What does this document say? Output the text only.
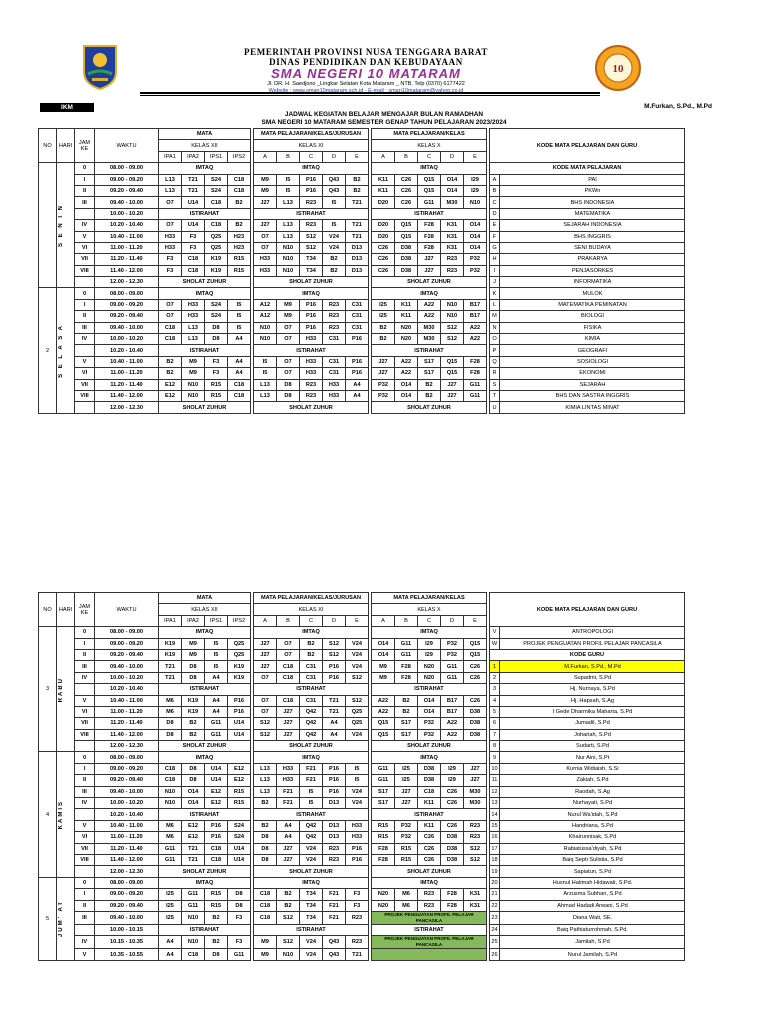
PEMERINTAH PROVINSI NUSA TENGGARA BARAT
DINAS PENDIDIKAN DAN KEBUDAYAAN
SMA NEGERI 10 MATARAM
Jl. DR. H. Saedjono _Lingkar Selatan Kota Mataram _ NTB. Telp (0370) 6177422
Website : www.sman10mataram.sch.id - E-mail : sman10mataram@yahoo.co.id
10
IKM	M.Furkan, S.Pd., M.Pd
JADWAL KEGIATAN BELAJAR MENGAJAR BULAN RAMADHAN
SMA NEGERI 10 MATARAM SEMESTER GENAP TAHUN PELAJARAN 2023/2024
NO	HARI	JAM KE	WAKTU	MATA					MATA PELAJARAN/KELAS/JURUSAN						MATA PELAJARAN/KELAS						KODE MATA PELAJARAN DAN GURU	
				KELAS XII					KELAS XI						KELAS X							
				IPA1	IPA2	IPS1	IPS2		A	B	C	D	E		A	B	C	D	E			

	S E N I N	0	08.00 - 09.00	IMTAQ					IMTAQ						IMTAQ						KODE MATA PELAJARAN	
		I	09.00 - 09.20	L13	T21	S24	C18		M9	I5	P16	Q43	B2		K11	C26	Q15	O14	I29		A	PAI
		II	09.20 - 09.40	L13	T21	S24	C18		M9	I5	P16	Q43	B2		K11	C26	Q15	O14	I29		B	PKWn
		III	09.40 - 10.00	O7	U14	C18	B2		J27	L13	R23	I5	T21		D20	C26	G11	M30	N10		C	BHS INDONESIA
			10.00 - 10.20	ISTIRAHAT					ISTIRAHAT						ISTIRAHAT						D	MATEMATIKA
		IV	10.20 - 10.40	O7	U14	C18	B2		J27	L13	R23	I5	T21		D20	Q15	F28	K31	O14		E	SEJARAH INDONESIA
		V	10.40 - 11.00	H33	F3	Q25	H23		O7	L13	S12	V24	T21		D20	Q15	F28	K31	O14		F	BHS INGGRIS
		VI	11.00 - 11.20	H33	F3	Q25	H23		O7	N10	S12	V24	D13		C26	D38	F28	K31	O14		G	SENI BUDAYA
		VII	11.20 - 11.40	F3	C18	K19	R15		H33	N10	T34	B2	D13		C26	D38	J27	R23	P32		H	PRAKARYA
		VIII	11.40 - 12.00	F3	C18	K19	R15		H33	N10	T34	B2	D13		C26	D38	J27	R23	P32		I	PENJASORKES
			12.00 - 12.30	SHOLAT ZUHUR					SHOLAT ZUHUR						SHOLAT ZUHUR						J	INFORMATIKA
2	S E L A S A	0	08.00 - 09.00	IMTAQ					IMTAQ						IMTAQ						K	MULOK
		I	09.00 - 09.20	O7	H33	S24	I5		A12	M9	P16	R23	C31		I25	K11	A22	N10	B17		L	MATEMATIKA PEMINATAN
		II	09.20 - 09.40	O7	H33	S24	I5		A12	M9	P16	R23	C31		I25	K11	A22	N10	B17		M	BIOLOGI
		III	09.40 - 10.00	C18	L13	D8	I5		N10	O7	P16	R23	C31		B2	N20	M30	S12	A22		N	FISIKA
		IV	10.00 - 10.20	C18	L13	D8	A4		N10	O7	H33	C31	P16		B2	N20	M30	S12	A22		O	KIMIA
			10.20 - 10.40	ISTIRAHAT					ISTIRAHAT						ISTIRAHAT						P	GEOGRAFI
		V	10.40 - 11.00	B2	M9	F3	A4		I5	O7	H33	C31	P16		J27	A22	S17	Q15	F28		Q	SOSIOLOGI
		VI	11.00 - 11.20	B2	M9	F3	A4		I5	O7	H33	C31	P16		J27	A22	S17	Q15	F28		R	EKONOMI
		VII	11.20 - 11.40	E12	N10	R15	C18		L13	D8	R23	H33	A4		P32	O14	B2	J27	G11		S	SEJARAH
		VIII	11.40 - 12.00	E12	N10	R15	C18		L13	D8	R23	H33	A4		P32	O14	B2	J27	G11		T	BHS DAN SASTRA INGGRIS
			12.00 - 12.30	SHOLAT ZUHUR					SHOLAT ZUHUR						SHOLAT ZUHUR						U	KIMIA LINTAS MINAT
NO	HARI	JAM KE	WAKTU	MATA					MATA PELAJARAN/KELAS/JURUSAN						MATA PELAJARAN/KELAS						KODE MATA PELAJARAN DAN GURU	
				KELAS XII					KELAS XI						KELAS X							
				IPA1	IPA2	IPS1	IPS2		A	B	C	D	E		A	B	C	D	E			
3	RABU	0	08.00 - 09.00	IMTAQ					IMTAQ						IMTAQ						V	ANTROPOLOGI
		I	09.00 - 09.20	K19	M9	I5	Q25		J27	O7	B2	S12	V24		O14	G11	I29	P32	Q15		W	PROJEK PENGUATAN PROFIL PELAJAR PANCASILA
		II	09.20 - 09.40	K19	M9	I5	Q25		J27	O7	B2	S12	V24		O14	G11	I29	P32	Q15		KODE GURU	
		III	09.40 - 10.00	T21	D8	I5	K19		J27	C18	C31	P16	V24		M9	F28	N20	G11	C26		1	M.Furkan, S.Pd., M.Pd
		IV	10.00 - 10.20	T21	D8	A4	K19		O7	C18	C31	P16	S12		M9	F28	N20	G11	C26		2	Supadmi, S.Pd
			10.20 - 10.40	ISTIRAHAT					ISTIRAHAT						ISTIRAHAT						3	Hj. Nurnaya, S.Pd
		V	10.40 - 11.00	M6	K19	A4	P16		O7	C18	C31	T21	S12		A22	B2	O14	B17	C26		4	Hj. Hapsah, S.Ag
		VI	11.00 - 11.20	M6	K19	A4	P16		O7	J27	Q42	T21	Q25		A22	B2	O14	B17	D38		5	I Gede Dharmika Maharta, S.Pd
		VII	11.20 - 11.40	D8	B2	G11	U14		S12	J27	Q42	A4	Q25		Q15	S17	P32	A22	D38		6	Jumadil, S.Pd
		VIII	11.40 - 12.00	D8	B2	G11	U14		S12	J27	Q42	A4	V24		Q15	S17	P32	A22	D38		7	Johariah, S.Pd
			12.00 - 12.30	SHOLAT ZUHUR					SHOLAT ZUHUR						SHOLAT ZUHUR						8	Sudarti, S.Pd
4	KAMIS	0	08.00 - 09.00	IMTAQ					IMTAQ						IMTAQ						9	Nur Aini, S.Pt
		I	09.00 - 09.20	C18	D8	U14	E12		L13	H33	F21	P16	I5		G11	I25	D38	I29	J27		10	Kurnia Widiaish, S.Si
		II	09.20 - 09.40	C18	D8	U14	E12		L13	H33	F21	P16	I5		G11	I25	D38	I29	J27		11	Zakiah, S.Pd
		III	09.40 - 10.00	N10	O14	E12	R15		L13	F21	I5	P16	V24		S17	J27	C18	C26	M30		12	Raodah, S.Ag
		IV	10.00 - 10.20	N10	O14	E12	R15		B2	F21	I5	D13	V24		S17	J27	K11	C26	M30		13	Nurhayati, S.Pd
			10.20 - 10.40	ISTIRAHAT					ISTIRAHAT						ISTIRAHAT						14	Nurul Wa'idah, S.Pd
		V	10.40 - 11.00	M6	E12	P16	S24		B2	A4	Q42	D13	H33		R15	P32	K11	C26	R23		15	Handriana, S.Pd
		VI	11.00 - 11.20	M6	E12	P16	S24		D8	A4	Q42	D13	H33		R15	P32	C26	D38	R23		16	Khairunnisak, S.Pd
		VII	11.20 - 11.40	G11	T21	C18	U14		D8	J27	V24	R23	P16		F28	R15	C26	D38	S12		17	Rabiatussa'diyah, S.Pd
		VIII	11.40 - 12.00	G11	T21	C18	U14		D8	J27	V24	R23	P16		F28	R15	C26	D38	S12		18	Baiq Septi Sulistia, S.Pd
			12.00 - 12.30	SHOLAT ZUHUR					SHOLAT ZUHUR						SHOLAT ZUHUR						19	Sapiatun, S.Pd
5	JUM' AT	0	08.00 - 09.00	IMTAQ					IMTAQ						IMTAQ						20	Husnul Hatimah Hidawati, S.Pd.
		I	09.00 - 09.20	I25	G11	R15	D8		C18	B2	T34	F21	F3		N20	M6	R23	F28	K31		21	Arzusma Subhan, S.Pd
		II	09.20 - 09.40	I25	G11	R15	D8		C18	B2	T34	F21	F3		N20	M6	R23	F28	K31		22	Ahmad Hadadi Arwani, S.Pd
		III	09.40 - 10.00	I25	N10	B2	F3		C18	S12	T34	F21	R23		PROJEK PENGUATAN PROFIL PELAJAR PANCASILA						23	Diana Wati, SE.
			10.00 - 10.15	ISTIRAHAT					ISTIRAHAT						ISTIRAHAT						24	Baiq Pathiaturrohmah, S.Pd.
		IV	10.15 - 10.35	A4	N10	B2	F3		M9	S12	V24	Q43	R23		PROJEK PENGUATAN PROFIL PELAJAR PANCASILA						25	Jamilah, S.Pd
		V	10.35 - 10.55	A4	C18	D8	G11		M9	N10	V24	Q43	T21								26	Nurul Jamilah, S.Pd
